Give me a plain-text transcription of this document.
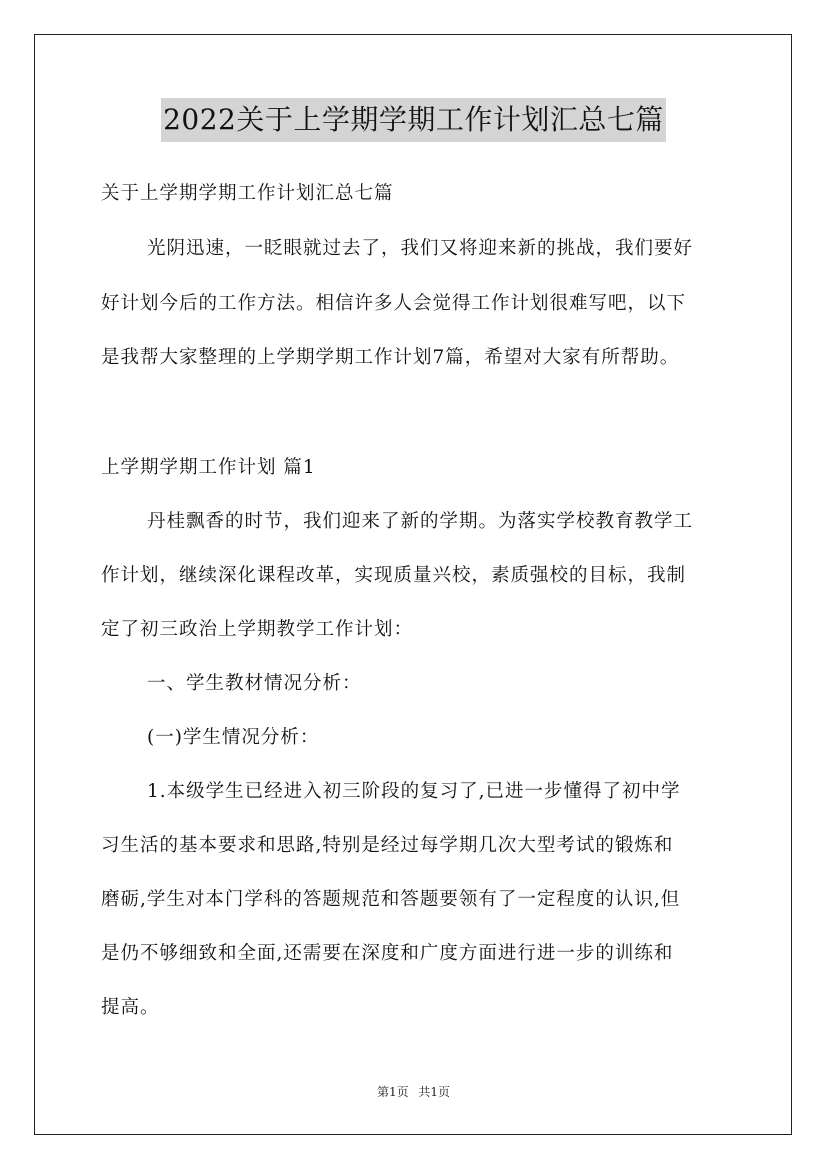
2022关于上学期学期工作计划汇总七篇
关于上学期学期工作计划汇总七篇
光阴迅速，一眨眼就过去了，我们又将迎来新的挑战，我们要好
好计划今后的工作方法。相信许多人会觉得工作计划很难写吧，以下
是我帮大家整理的上学期学期工作计划7篇，希望对大家有所帮助。
上学期学期工作计划 篇1
丹桂飘香的时节，我们迎来了新的学期。为落实学校教育教学工
作计划，继续深化课程改革，实现质量兴校，素质强校的目标，我制
定了初三政治上学期教学工作计划：
一、学生教材情况分析：
(一)学生情况分析：
1.本级学生已经进入初三阶段的复习了,已进一步懂得了初中学
习生活的基本要求和思路,特别是经过每学期几次大型考试的锻炼和
磨砺,学生对本门学科的答题规范和答题要领有了一定程度的认识,但
是仍不够细致和全面,还需要在深度和广度方面进行进一步的训练和
提高。
第1页 共1页
